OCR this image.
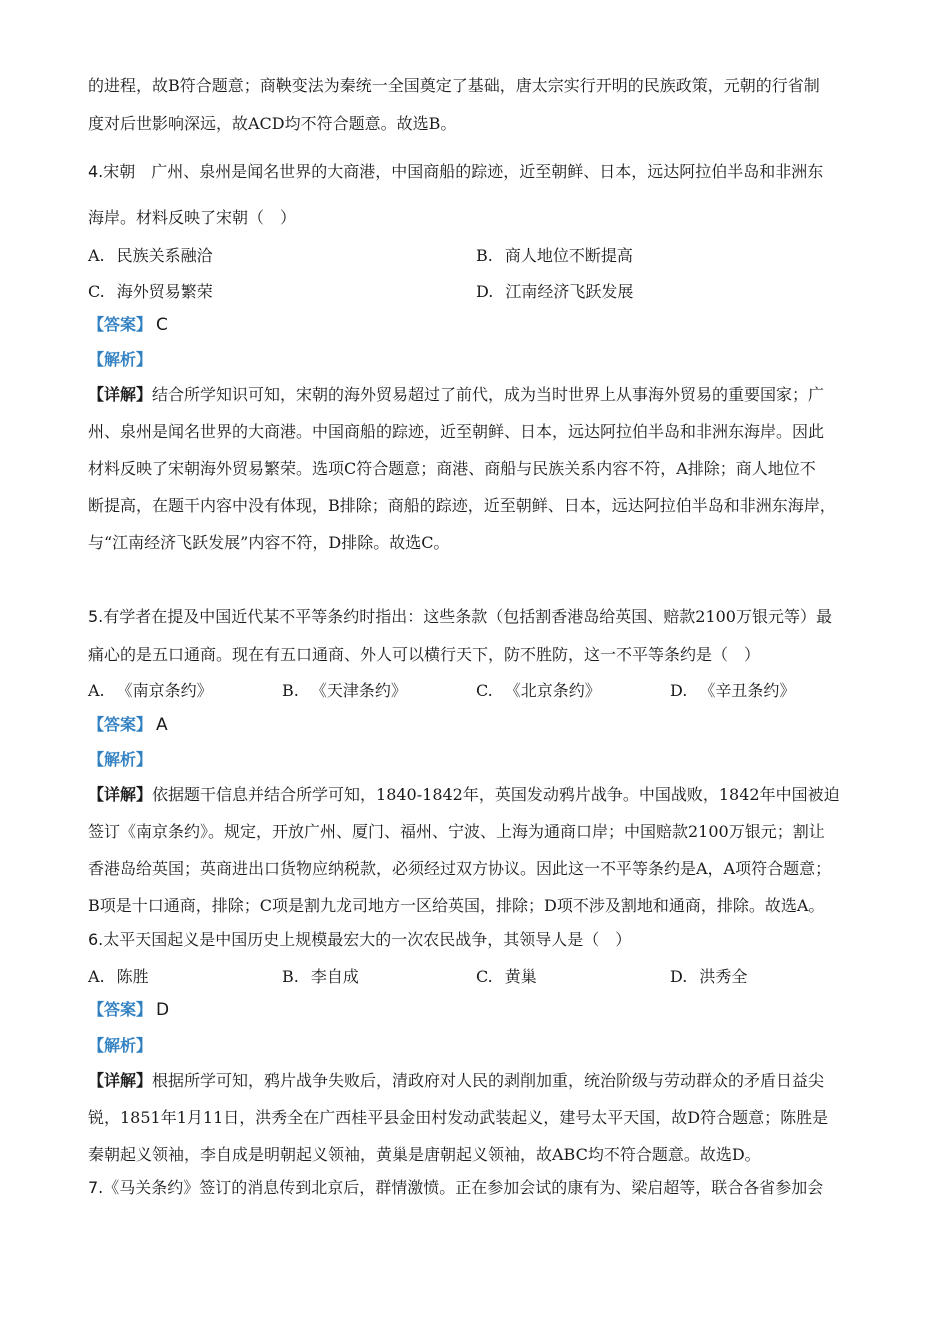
的进程，故B符合题意；商鞅变法为秦统一全国奠定了基础，唐太宗实行开明的民族政策，元朝的行省制
度对后世影响深远，故ACD均不符合题意。故选B。
4.宋朝　广州、泉州是闻名世界的大商港，中国商船的踪迹，近至朝鲜、日本，远达阿拉伯半岛和非洲东
海岸。材料反映了宋朝（　）
A. 民族关系融洽	B. 商人地位不断提高
C. 海外贸易繁荣	D. 江南经济飞跃发展
【答案】 C
【解析】
【详解】结合所学知识可知，宋朝的海外贸易超过了前代，成为当时世界上从事海外贸易的重要国家；广
州、泉州是闻名世界的大商港。中国商船的踪迹，近至朝鲜、日本，远达阿拉伯半岛和非洲东海岸。因此
材料反映了宋朝海外贸易繁荣。选项C符合题意；商港、商船与民族关系内容不符，A排除；商人地位不
断提高，在题干内容中没有体现，B排除；商船的踪迹，近至朝鲜、日本，远达阿拉伯半岛和非洲东海岸，
与“江南经济飞跃发展”内容不符，D排除。故选C。
5.有学者在提及中国近代某不平等条约时指出：这些条款（包括割香港岛给英国、赔款2100万银元等）最
痛心的是五口通商。现在有五口通商、外人可以横行天下，防不胜防，这一不平等条约是（　）
A. 《南京条约》	B. 《天津条约》	C. 《北京条约》	D. 《辛丑条约》
【答案】 A
【解析】
【详解】依据题干信息并结合所学可知，1840-1842年，英国发动鸦片战争。中国战败，1842年中国被迫
签订《南京条约》。规定，开放广州、厦门、福州、宁波、上海为通商口岸；中国赔款2100万银元；割让
香港岛给英国；英商进出口货物应纳税款，必须经过双方协议。因此这一不平等条约是A，A项符合题意；
B项是十口通商，排除；C项是割九龙司地方一区给英国，排除；D项不涉及割地和通商，排除。故选A。
6.太平天国起义是中国历史上规模最宏大的一次农民战争，其领导人是（　）
A. 陈胜	B. 李自成	C. 黄巢	D. 洪秀全
【答案】 D
【解析】
【详解】根据所学可知，鸦片战争失败后，清政府对人民的剥削加重，统治阶级与劳动群众的矛盾日益尖
锐，1851年1月11日，洪秀全在广西桂平县金田村发动武装起义，建号太平天国，故D符合题意；陈胜是
秦朝起义领袖，李自成是明朝起义领袖，黄巢是唐朝起义领袖，故ABC均不符合题意。故选D。
7.《马关条约》签订的消息传到北京后，群情激愤。正在参加会试的康有为、梁启超等，联合各省参加会
